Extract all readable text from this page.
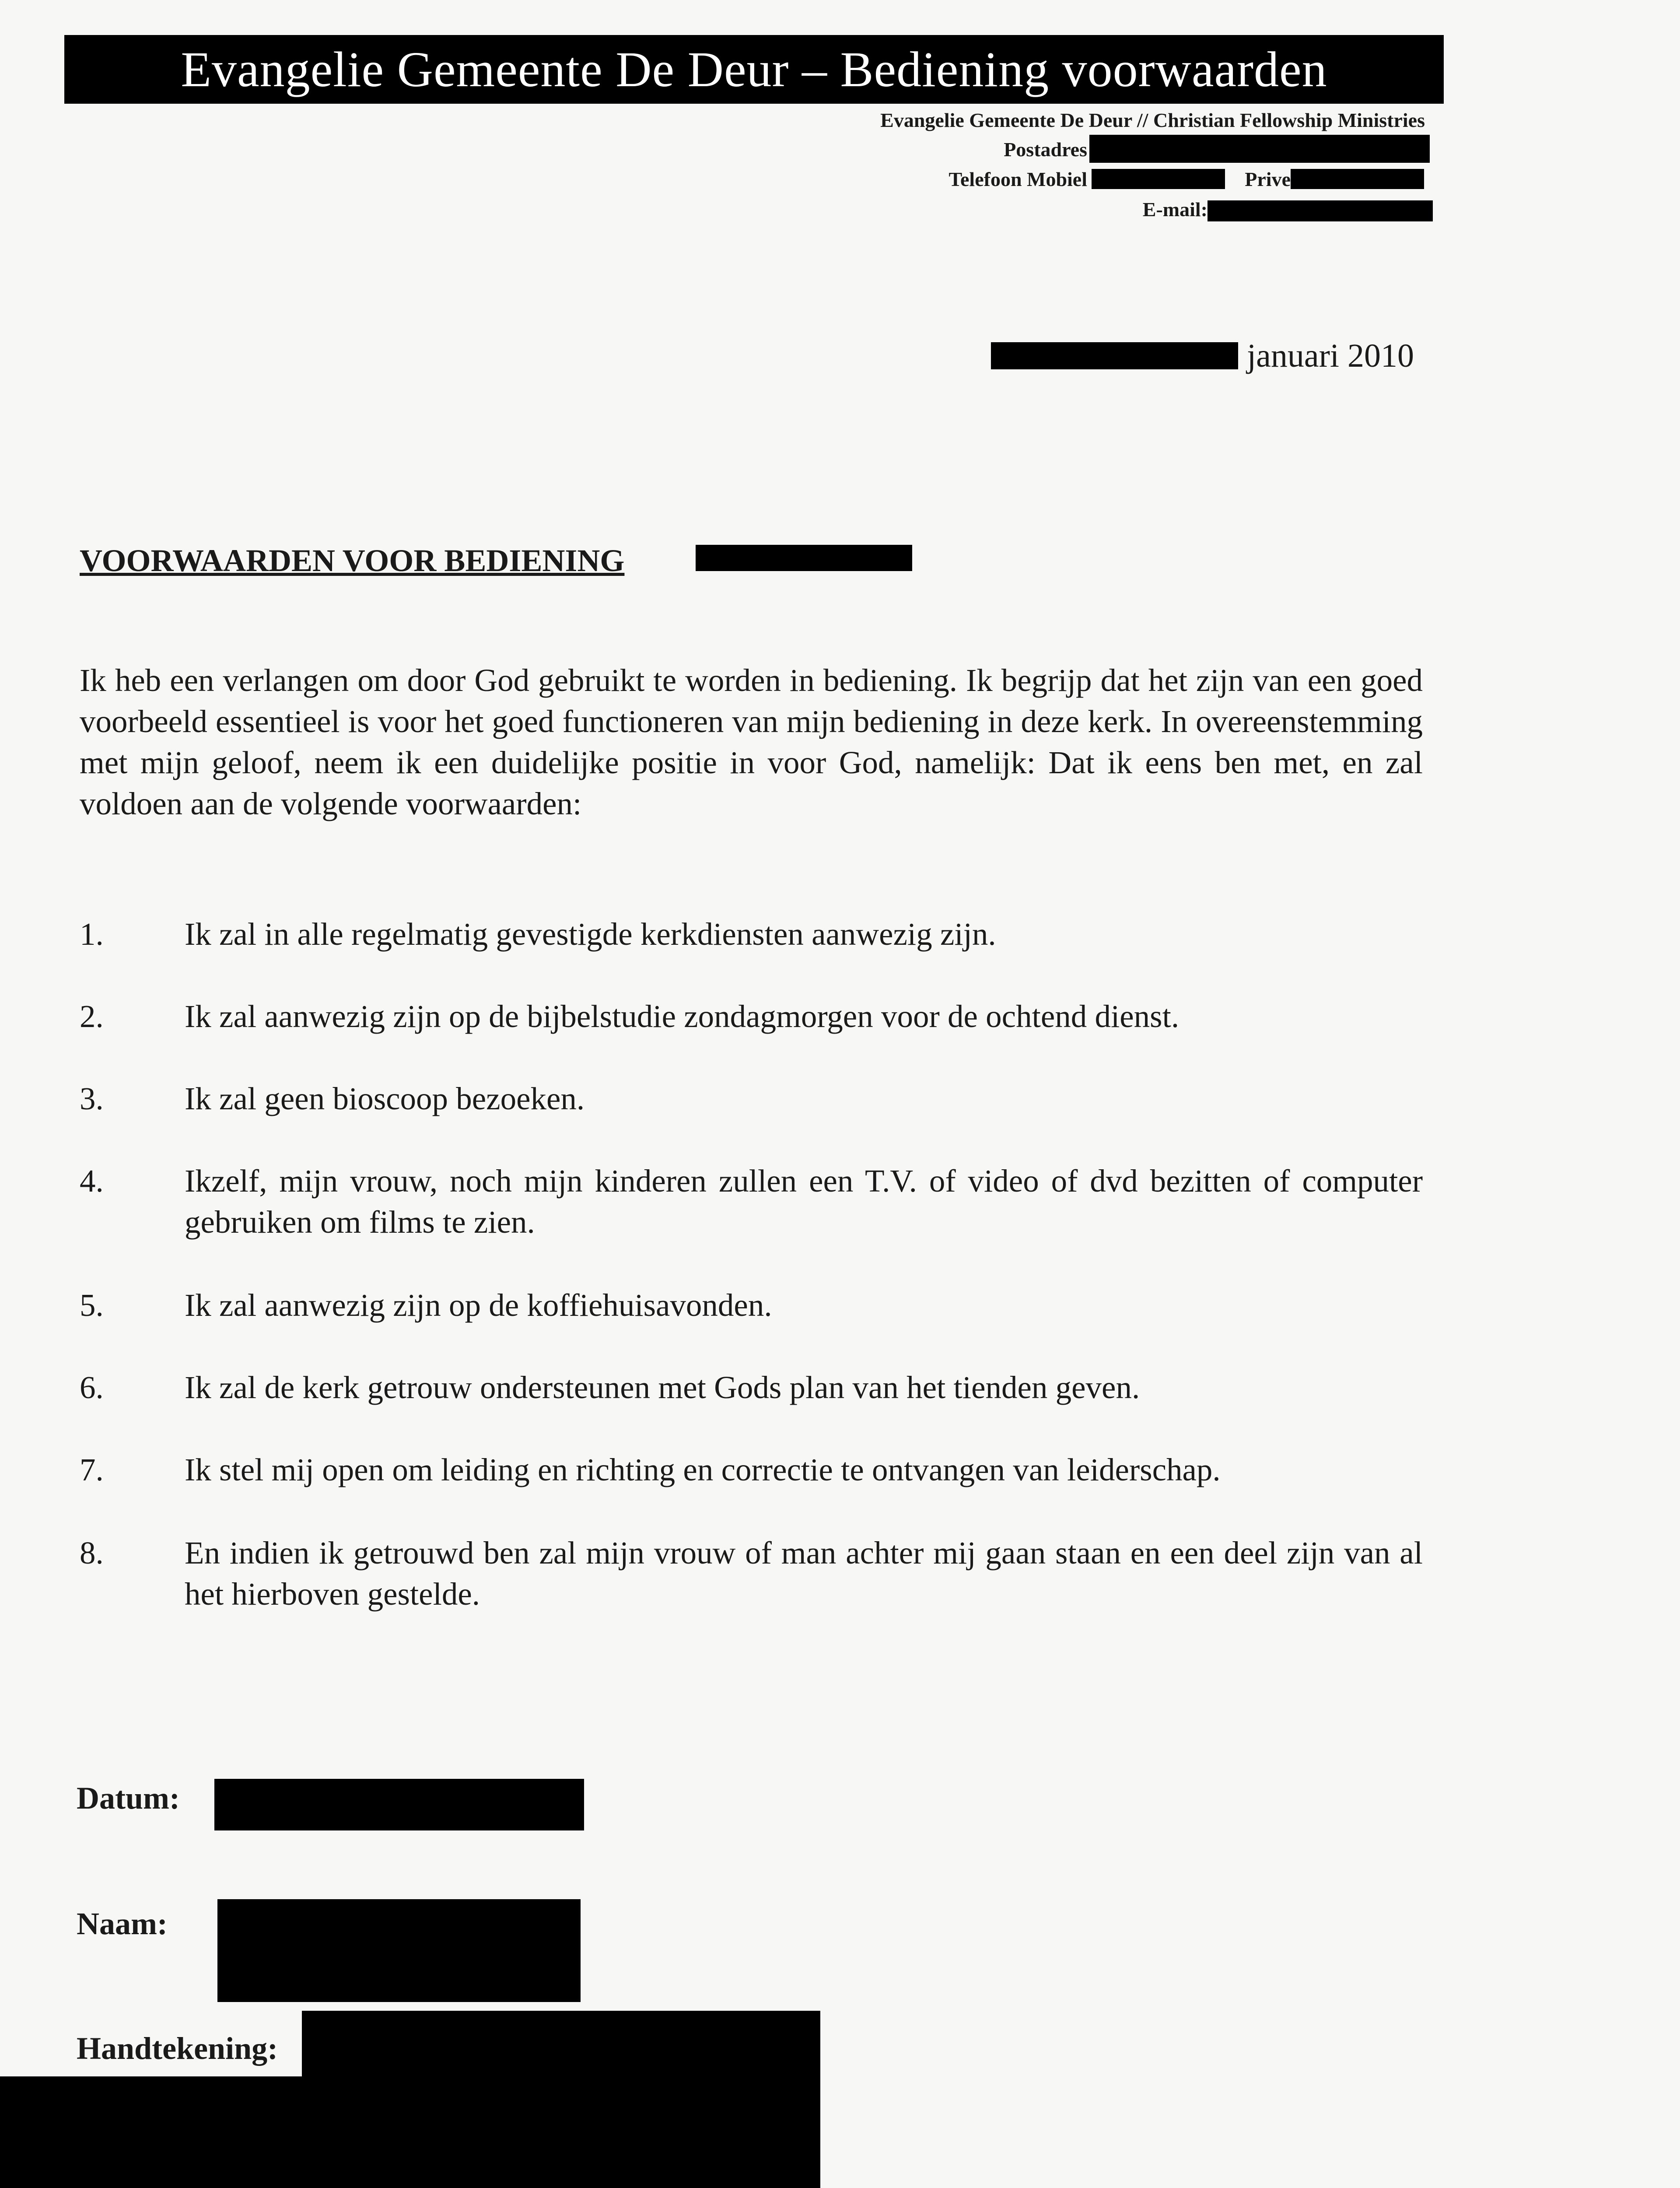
Evangelie Gemeente De Deur – Bediening voorwaarden
Evangelie Gemeente De Deur // Christian Fellowship Ministries
Postadres
Telefoon Mobiel	Prive
E-mail:
januari 2010
VOORWAARDEN VOOR BEDIENING
Ik heb een verlangen om door God gebruikt te worden in bediening. Ik begrijp dat het zijn van een goed voorbeeld essentieel is voor het goed functioneren van mijn bediening in deze kerk. In overeenstemming met mijn geloof, neem ik een duidelijke positie in voor God, namelijk: Dat ik eens ben met, en zal voldoen aan de volgende voorwaarden:
1.	Ik zal in alle regelmatig gevestigde kerkdiensten aanwezig zijn.
2.	Ik zal aanwezig zijn op de bijbelstudie zondagmorgen voor de ochtend dienst.
3.	Ik zal geen bioscoop bezoeken.
4.	Ikzelf, mijn vrouw, noch mijn kinderen zullen een T.V. of video of dvd bezitten of computer gebruiken om films te zien.
5.	Ik zal aanwezig zijn op de koffiehuisavonden.
6.	Ik zal de kerk getrouw ondersteunen met Gods plan van het tienden geven.
7.	Ik stel mij open om leiding en richting en correctie te ontvangen van leiderschap.
8.	En indien ik getrouwd ben zal mijn vrouw of man achter mij gaan staan en een deel zijn van al het hierboven gestelde.
Datum:
Naam:
Handtekening:
